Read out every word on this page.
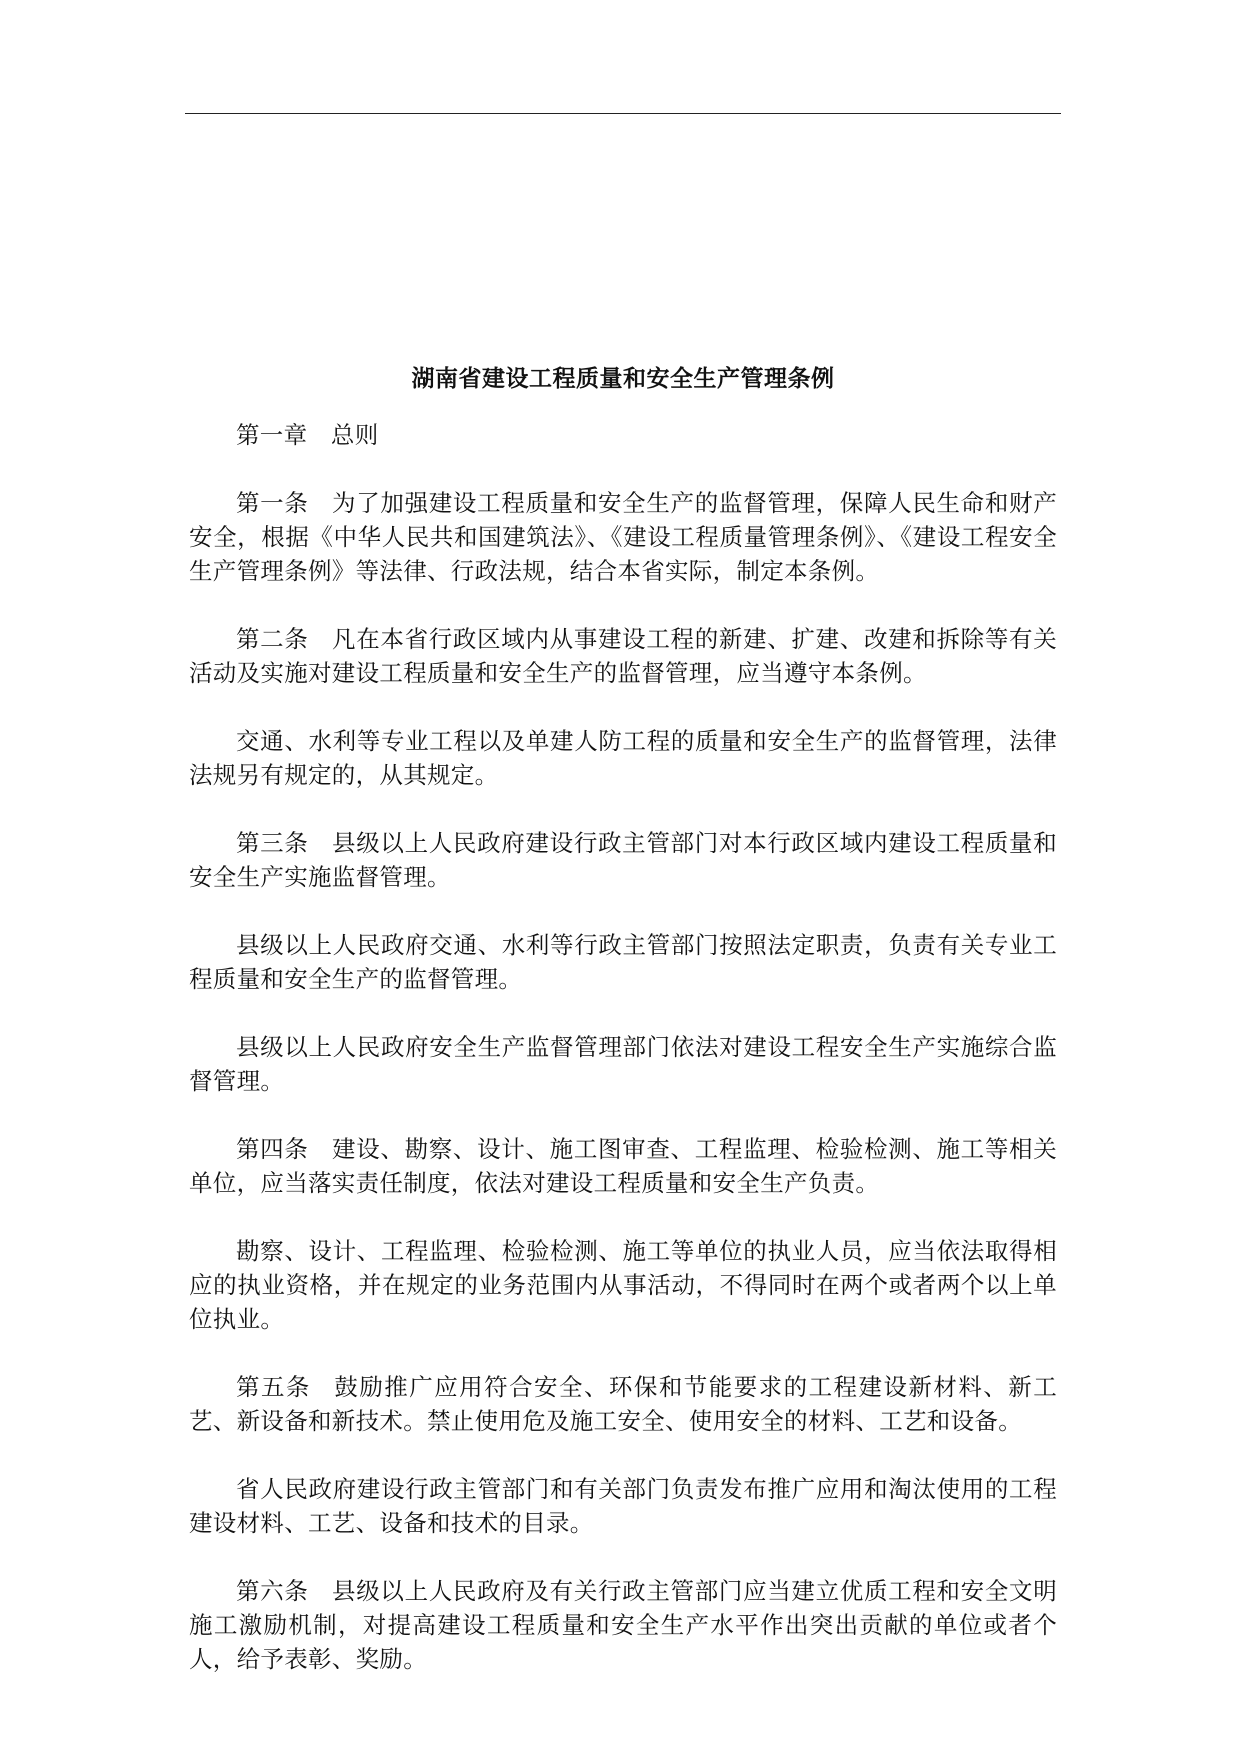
湖南省建设工程质量和安全生产管理条例
第一章 总则

第一条 为了加强建设工程质量和安全生产的监督管理，保障人民生命和财产安全，根据《中华人民共和国建筑法》、《建设工程质量管理条例》、《建设工程安全生产管理条例》等法律、行政法规，结合本省实际，制定本条例。

第二条 凡在本省行政区域内从事建设工程的新建、扩建、改建和拆除等有关活动及实施对建设工程质量和安全生产的监督管理，应当遵守本条例。

交通、水利等专业工程以及单建人防工程的质量和安全生产的监督管理，法律法规另有规定的，从其规定。

第三条 县级以上人民政府建设行政主管部门对本行政区域内建设工程质量和安全生产实施监督管理。

县级以上人民政府交通、水利等行政主管部门按照法定职责，负责有关专业工程质量和安全生产的监督管理。

县级以上人民政府安全生产监督管理部门依法对建设工程安全生产实施综合监督管理。

第四条 建设、勘察、设计、施工图审查、工程监理、检验检测、施工等相关单位，应当落实责任制度，依法对建设工程质量和安全生产负责。

勘察、设计、工程监理、检验检测、施工等单位的执业人员，应当依法取得相应的执业资格，并在规定的业务范围内从事活动，不得同时在两个或者两个以上单位执业。

第五条 鼓励推广应用符合安全、环保和节能要求的工程建设新材料、新工艺、新设备和新技术。禁止使用危及施工安全、使用安全的材料、工艺和设备。

省人民政府建设行政主管部门和有关部门负责发布推广应用和淘汰使用的工程建设材料、工艺、设备和技术的目录。

第六条 县级以上人民政府及有关行政主管部门应当建立优质工程和安全文明施工激励机制，对提高建设工程质量和安全生产水平作出突出贡献的单位或者个人，给予表彰、奖励。
